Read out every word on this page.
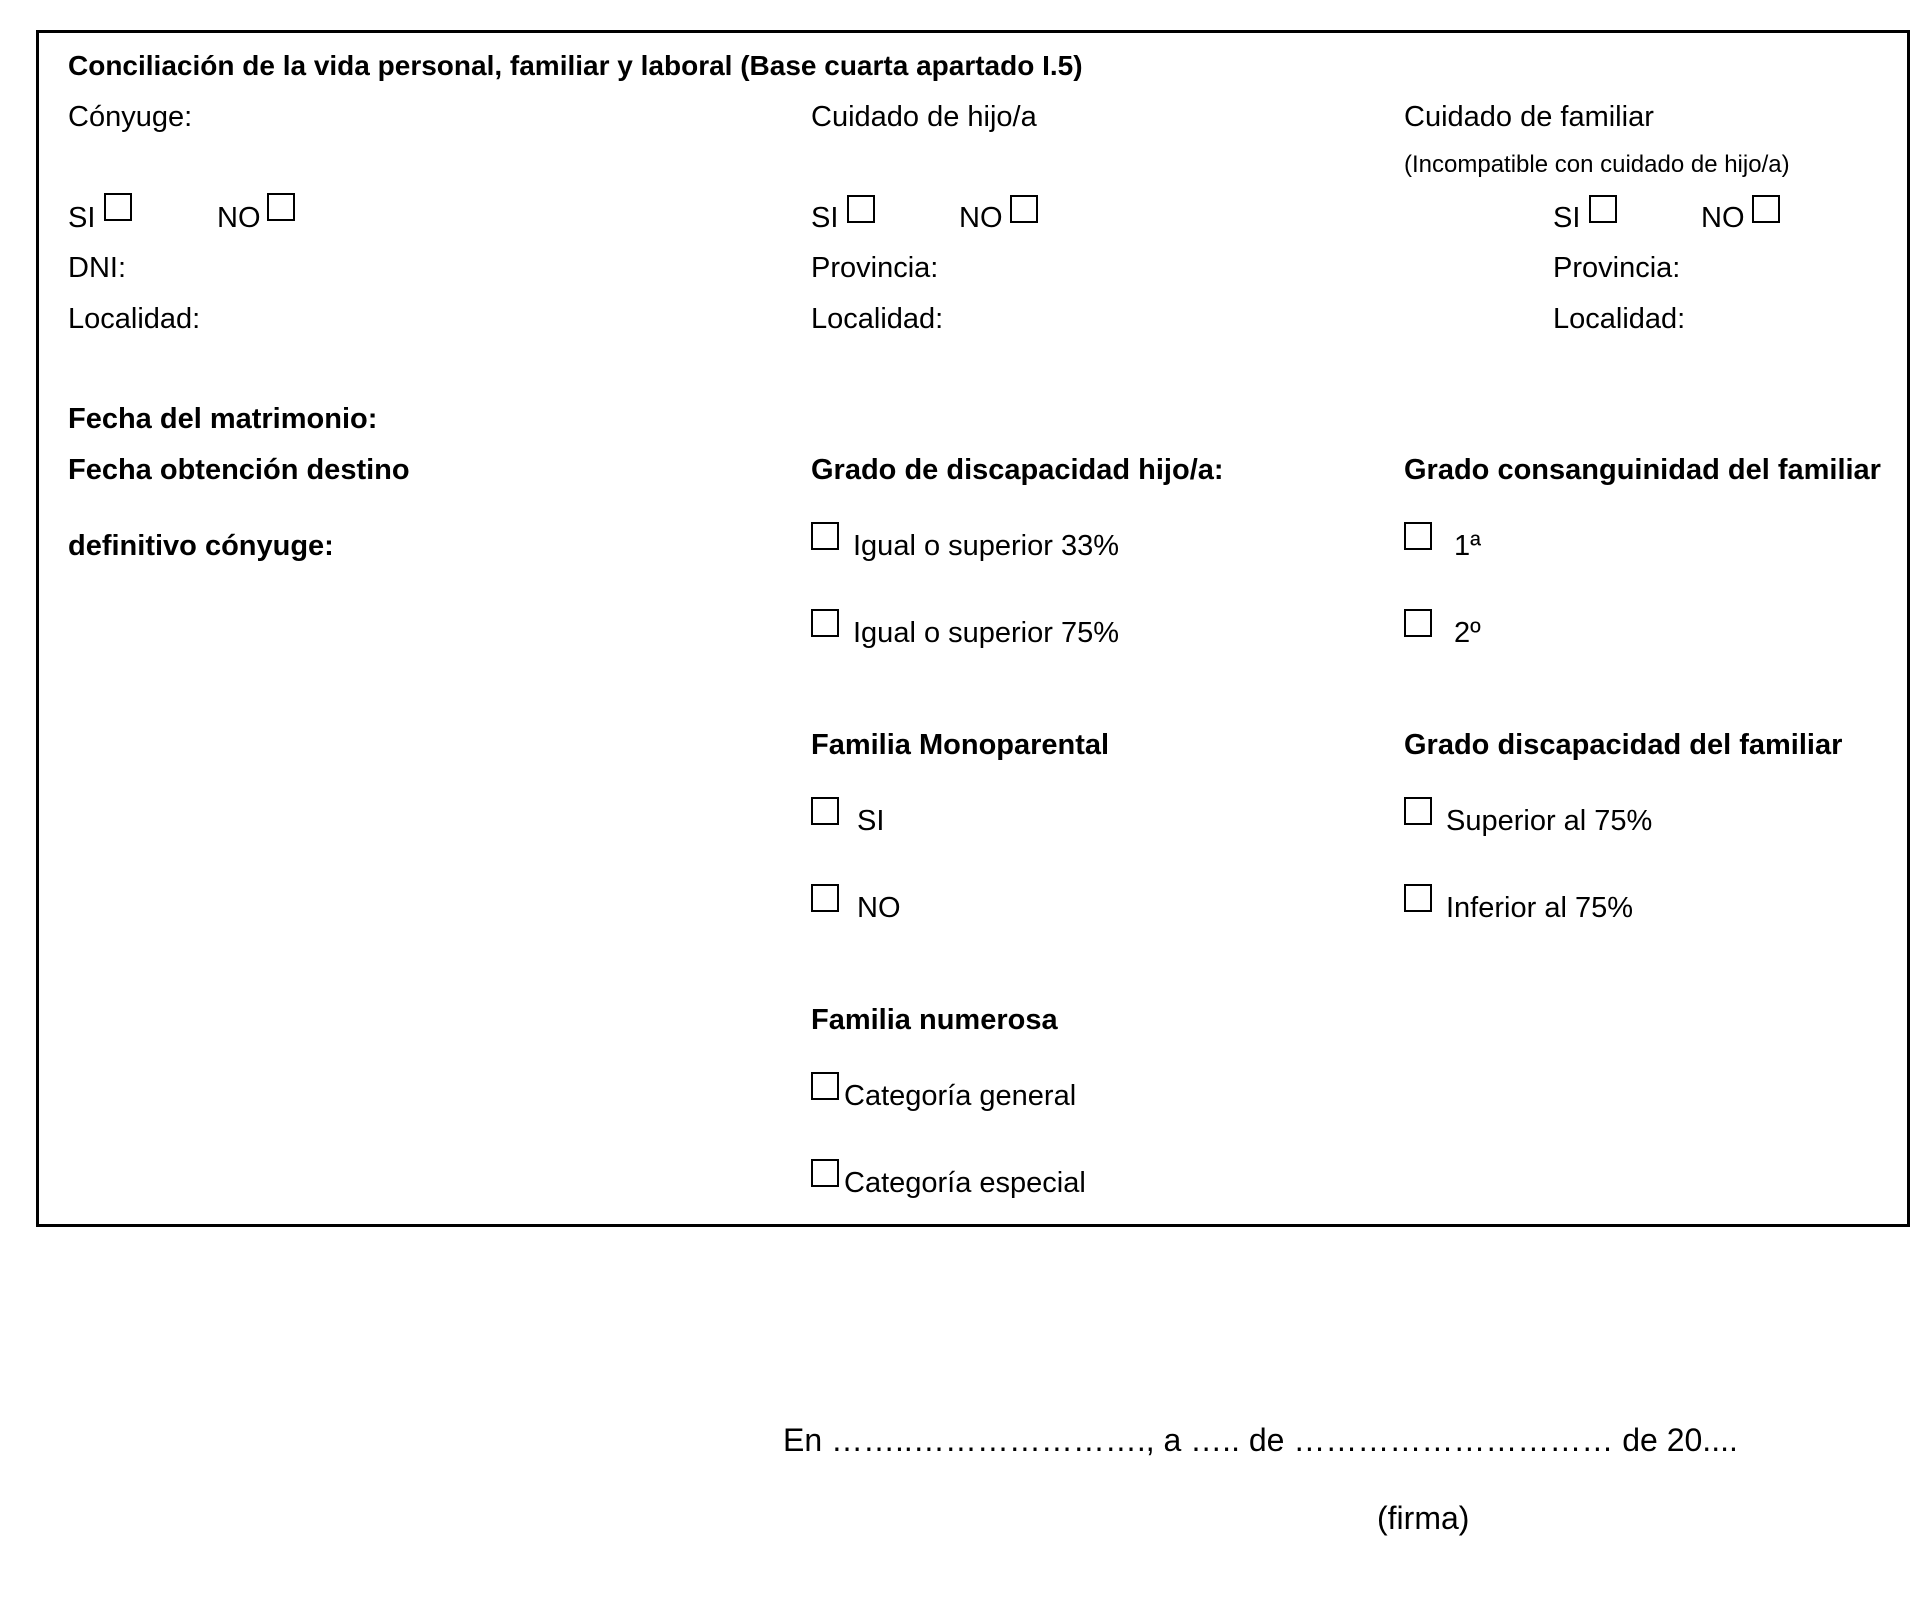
Conciliación de la vida personal, familiar y laboral (Base cuarta apartado I.5)
Cónyuge:
SI	NO
DNI:
Localidad:
Fecha del matrimonio:
Fecha obtención destino
definitivo cónyuge:
Cuidado de hijo/a
SI	NO
Provincia:
Localidad:
Grado de discapacidad hijo/a:
Igual o superior 33%
Igual o superior 75%
Familia Monoparental
SI
NO
Familia numerosa
Categoría general
Categoría especial
Cuidado de familiar
(Incompatible con cuidado de hijo/a)
SI	NO
Provincia:
Localidad:
Grado consanguinidad del familiar
1ª
2º
Grado discapacidad del familiar
Superior al 75%
Inferior al 75%
En ……..…………………., a ….. de ………………………… de 20....
(firma)
